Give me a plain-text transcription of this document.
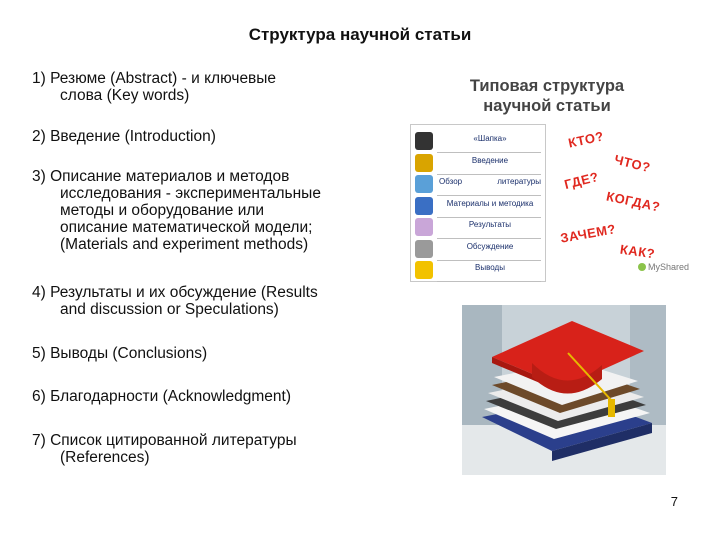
Структура научной статьи
1) Резюме (Abstract) - и ключевые
слова (Key words)
2) Введение (Introduction)
3) Описание материалов и методов
исследования - экспериментальные
методы и оборудование или
описание математической модели;
(Materials and experiment methods)
4) Результаты и их обсуждение (Results
and discussion or Speculations)
5) Выводы (Conclusions)
6) Благодарности (Acknowledgment)
7) Список цитированной литературы
(References)
Типовая структура
научной статьи
«Шапка»
Введение
Обзор	литературы
Материалы и методика
Результаты
Обсуждение
Выводы
КТО?
ЧТО?
ГДЕ?
КОГДА?
ЗАЧЕМ?
КАК?
MyShared
7
